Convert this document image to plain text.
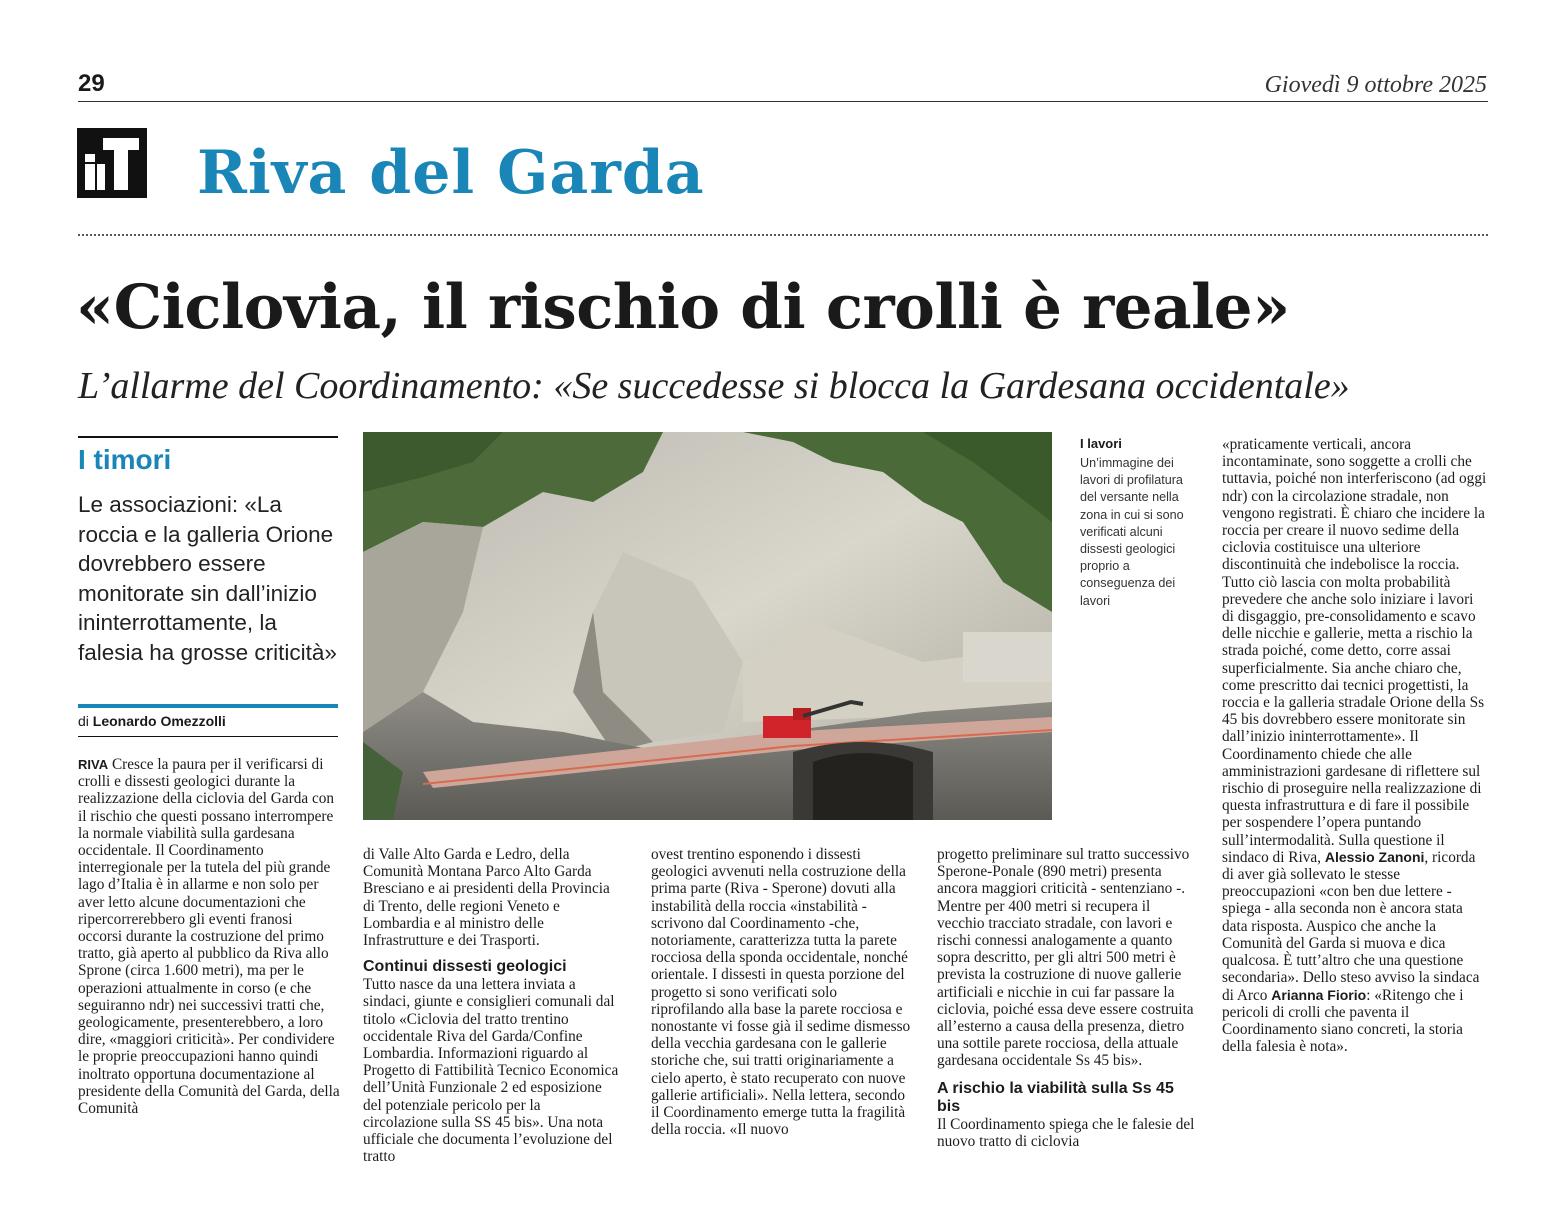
29	Giovedì 9 ottobre 2025
Riva del Garda
«Ciclovia, il rischio di crolli è reale»
L’allarme del Coordinamento: «Se succedesse si blocca la Gardesana occidentale»
I timori
Le associazioni: «La roccia e la galleria Orione dovrebbero essere monitorate sin dall’inizio ininterrottamente, la falesia ha grosse criticità»
di Leonardo Omezzolli
I lavori
Un’immagine dei lavori di profilatura del versante nella zona in cui si sono verificati alcuni dissesti geologici proprio a conseguenza dei lavori

RIVA Cresce la paura per il verificarsi di crolli e dissesti geologici durante la realizzazione della ciclovia del Garda con il rischio che questi possano interrompere la normale viabilità sulla gardesana occidentale. Il Coordinamento interregionale per la tutela del più grande lago d’Italia è in allarme e non solo per aver letto alcune documentazioni che ripercorrerebbero gli eventi franosi occorsi durante la costruzione del primo tratto, già aperto al pubblico da Riva allo Sprone (circa 1.600 metri), ma per le operazioni attualmente in corso (e che seguiranno ndr) nei successivi tratti che, geologicamente, presenterebbero, a loro dire, «maggiori criticità». Per condividere le proprie preoccupazioni hanno quindi inoltrato opportuna documentazione al presidente della Comunità del Garda, della Comunità

di Valle Alto Garda e Ledro, della Comunità Montana Parco Alto Garda Bresciano e ai presidenti della Provincia di Trento, delle regioni Veneto e Lombardia e al ministro delle Infrastrutture e dei Trasporti.

Continui dissesti geologici

Tutto nasce da una lettera inviata a sindaci, giunte e consiglieri comunali dal titolo «Ciclovia del tratto trentino occidentale Riva del Garda/Confine Lombardia. Informazioni riguardo al Progetto di Fattibilità Tecnico Economica dell’Unità Funzionale 2 ed esposizione del potenziale pericolo per la circolazione sulla SS 45 bis». Una nota ufficiale che documenta l’evoluzione del tratto

ovest trentino esponendo i dissesti geologici avvenuti nella costruzione della prima parte (Riva - Sperone) dovuti alla instabilità della roccia «instabilità - scrivono dal Coordinamento -che, notoriamente, caratterizza tutta la parete rocciosa della sponda occidentale, nonché orientale. I dissesti in questa porzione del progetto si sono verificati solo riprofilando alla base la parete rocciosa e nonostante vi fosse già il sedime dismesso della vecchia gardesana con le gallerie storiche che, sui tratti originariamente a cielo aperto, è stato recuperato con nuove gallerie artificiali». Nella lettera, secondo il Coordinamento emerge tutta la fragilità della roccia. «Il nuovo

progetto preliminare sul tratto successivo Sperone-Ponale (890 metri) presenta ancora maggiori criticità - sentenziano -. Mentre per 400 metri si recupera il vecchio tracciato stradale, con lavori e rischi connessi analogamente a quanto sopra descritto, per gli altri 500 metri è prevista la costruzione di nuove gallerie artificiali e nicchie in cui far passare la ciclovia, poiché essa deve essere costruita all’esterno a causa della presenza, dietro una sottile parete rocciosa, della attuale gardesana occidentale Ss 45 bis».

A rischio la viabilità sulla Ss 45 bis

Il Coordinamento spiega che le falesie del nuovo tratto di ciclovia

«praticamente verticali, ancora incontaminate, sono soggette a crolli che tuttavia, poiché non interferiscono (ad oggi ndr) con la circolazione stradale, non vengono registrati. È chiaro che incidere la roccia per creare il nuovo sedime della ciclovia costituisce una ulteriore discontinuità che indebolisce la roccia. Tutto ciò lascia con molta probabilità prevedere che anche solo iniziare i lavori di disgaggio, pre-consolidamento e scavo delle nicchie e gallerie, metta a rischio la strada poiché, come detto, corre assai superficialmente. Sia anche chiaro che, come prescritto dai tecnici progettisti, la roccia e la galleria stradale Orione della Ss 45 bis dovrebbero essere monitorate sin dall’inizio ininterrottamente». Il Coordinamento chiede che alle amministrazioni gardesane di riflettere sul rischio di proseguire nella realizzazione di questa infrastruttura e di fare il possibile per sospendere l’opera puntando sull’intermodalità. Sulla questione il sindaco di Riva, Alessio Zanoni, ricorda di aver già sollevato le stesse preoccupazioni «con ben due lettere - spiega - alla seconda non è ancora stata data risposta. Auspico che anche la Comunità del Garda si muova e dica qualcosa. È tutt’altro che una questione secondaria». Dello steso avviso la sindaca di Arco Arianna Fiorio: «Ritengo che i pericoli di crolli che paventa il Coordinamento siano concreti, la storia della falesia è nota».
